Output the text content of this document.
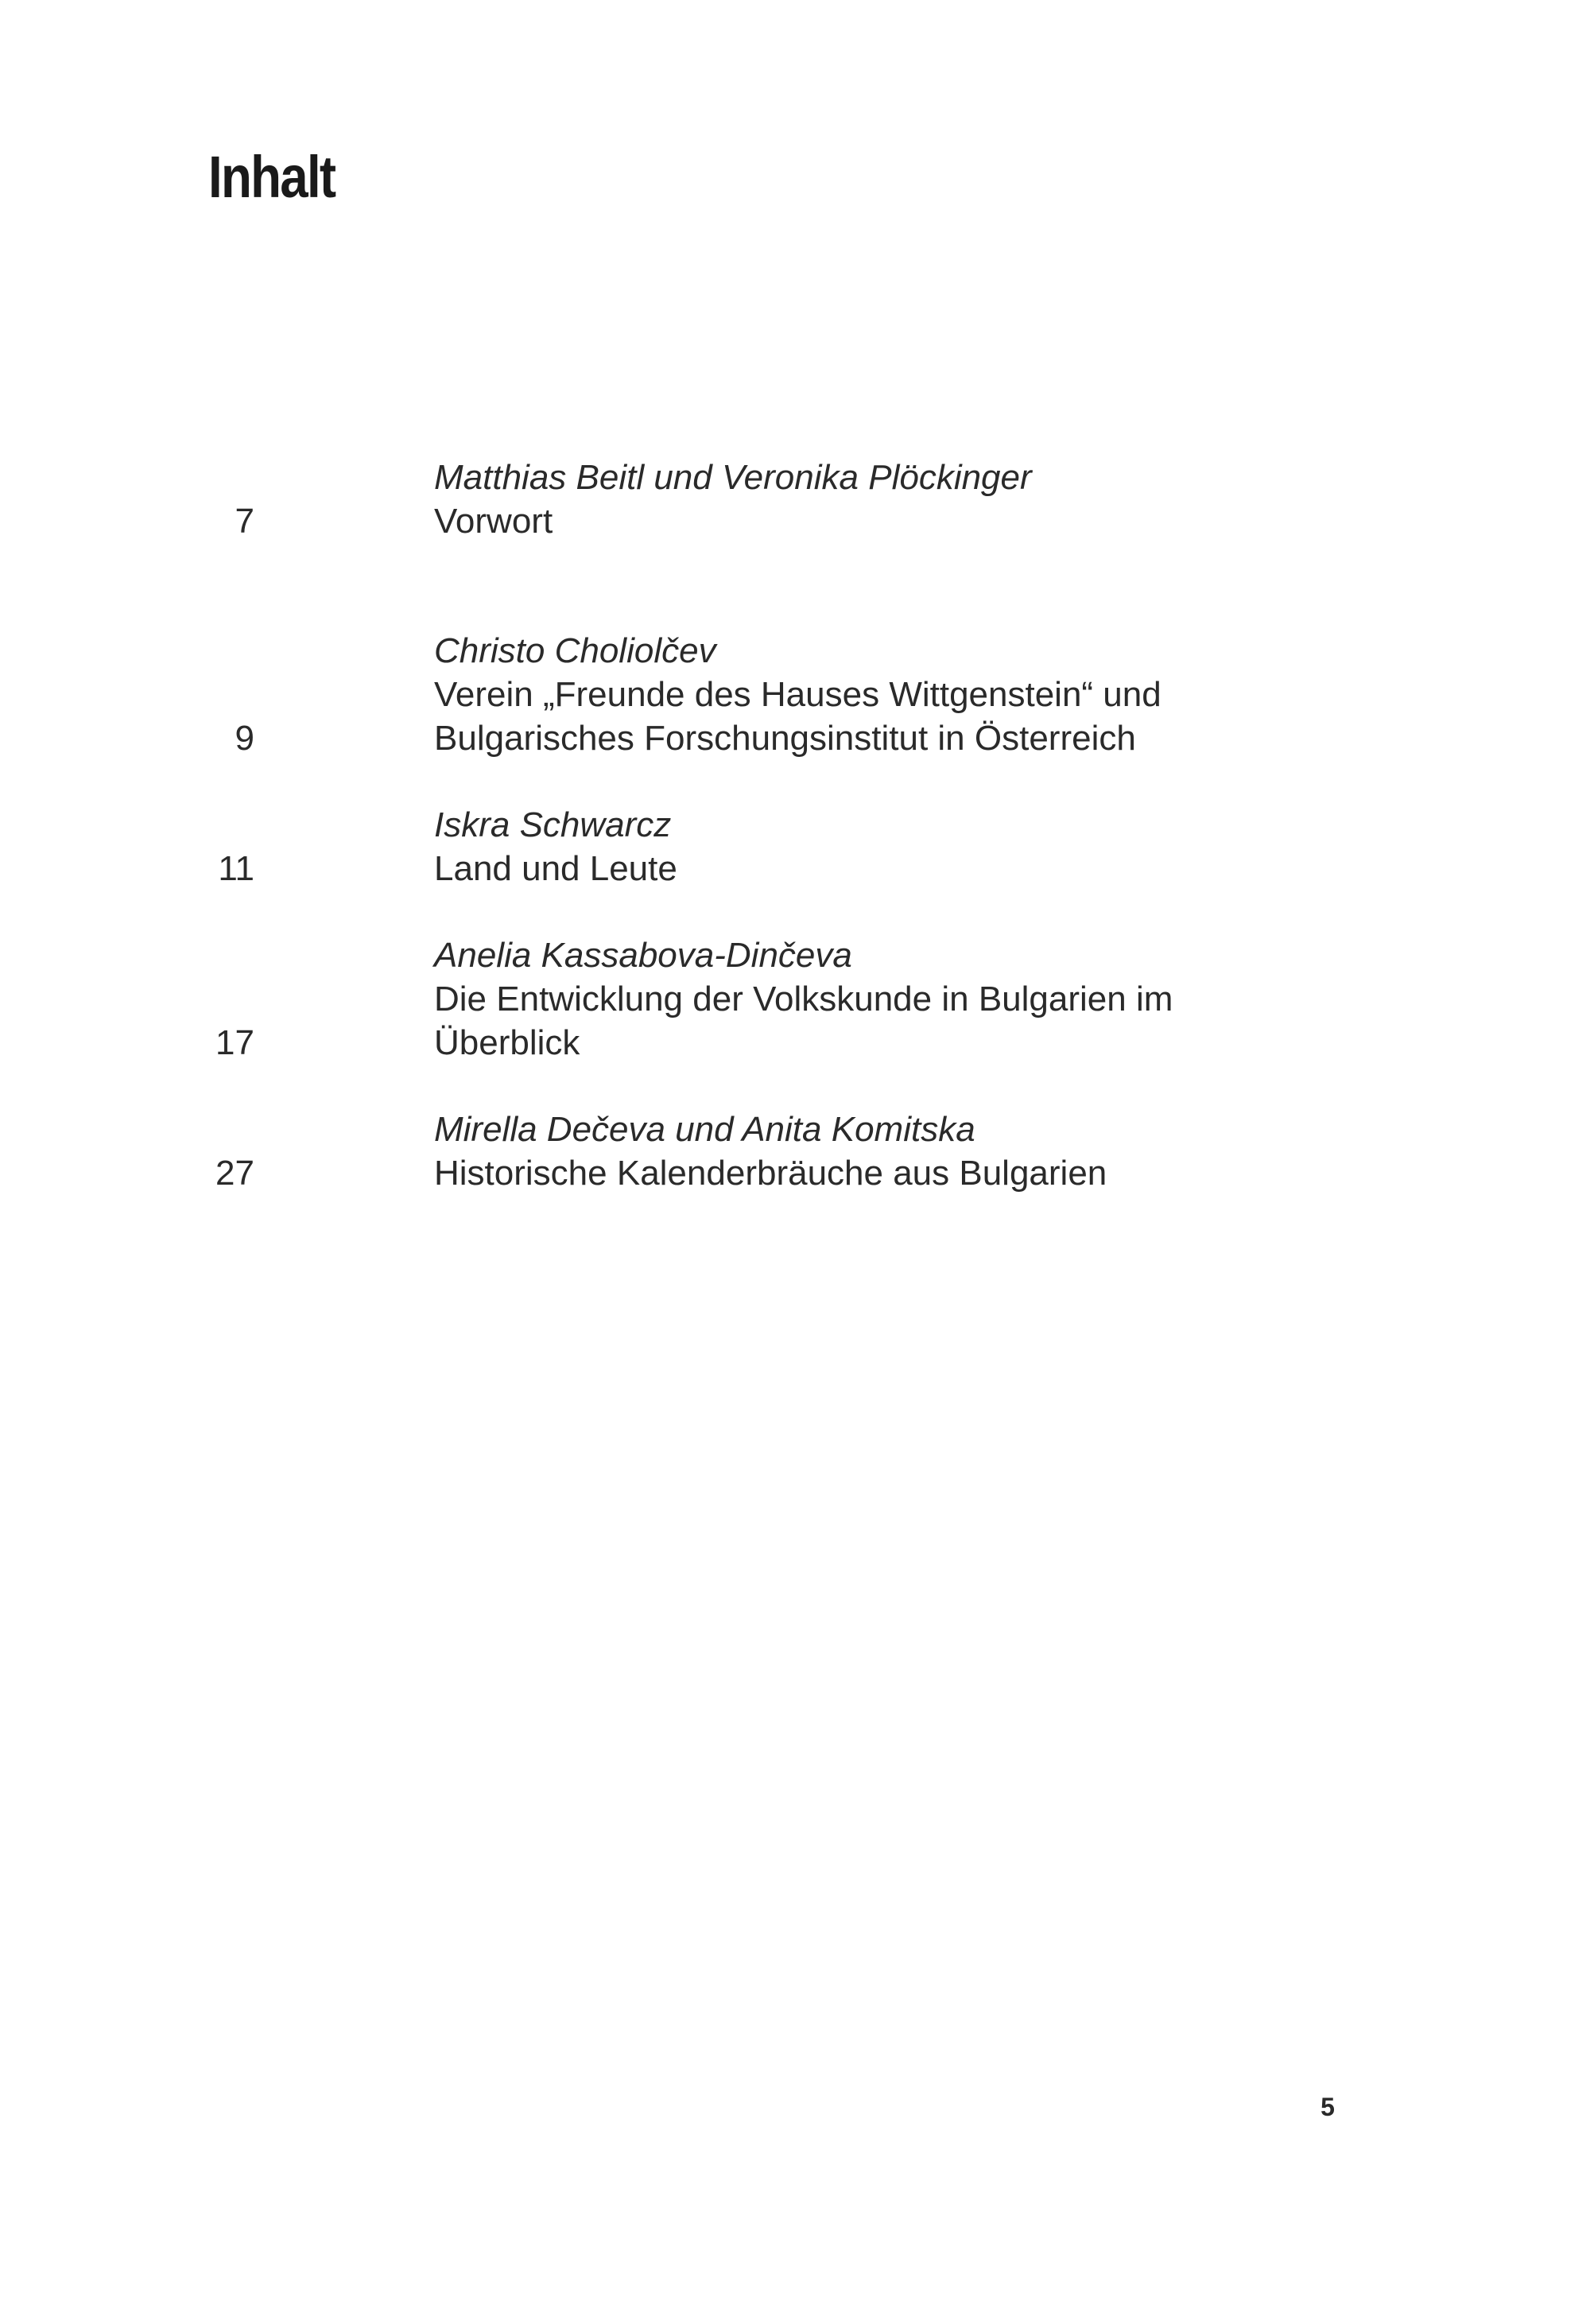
Inhalt
Matthias Beitl und Veronika Plöckinger
Vorwort
7
Christo Choliolčev
Verein „Freunde des Hauses Wittgenstein“ und
Bulgarisches Forschungsinstitut in Österreich
9
Iskra Schwarcz
Land und Leute
11
Anelia Kassabova-Dinčeva
Die Entwicklung der Volkskunde in Bulgarien im
Überblick
17
Mirella Dečeva und Anita Komitska
Historische Kalenderbräuche aus Bulgarien
27
5
